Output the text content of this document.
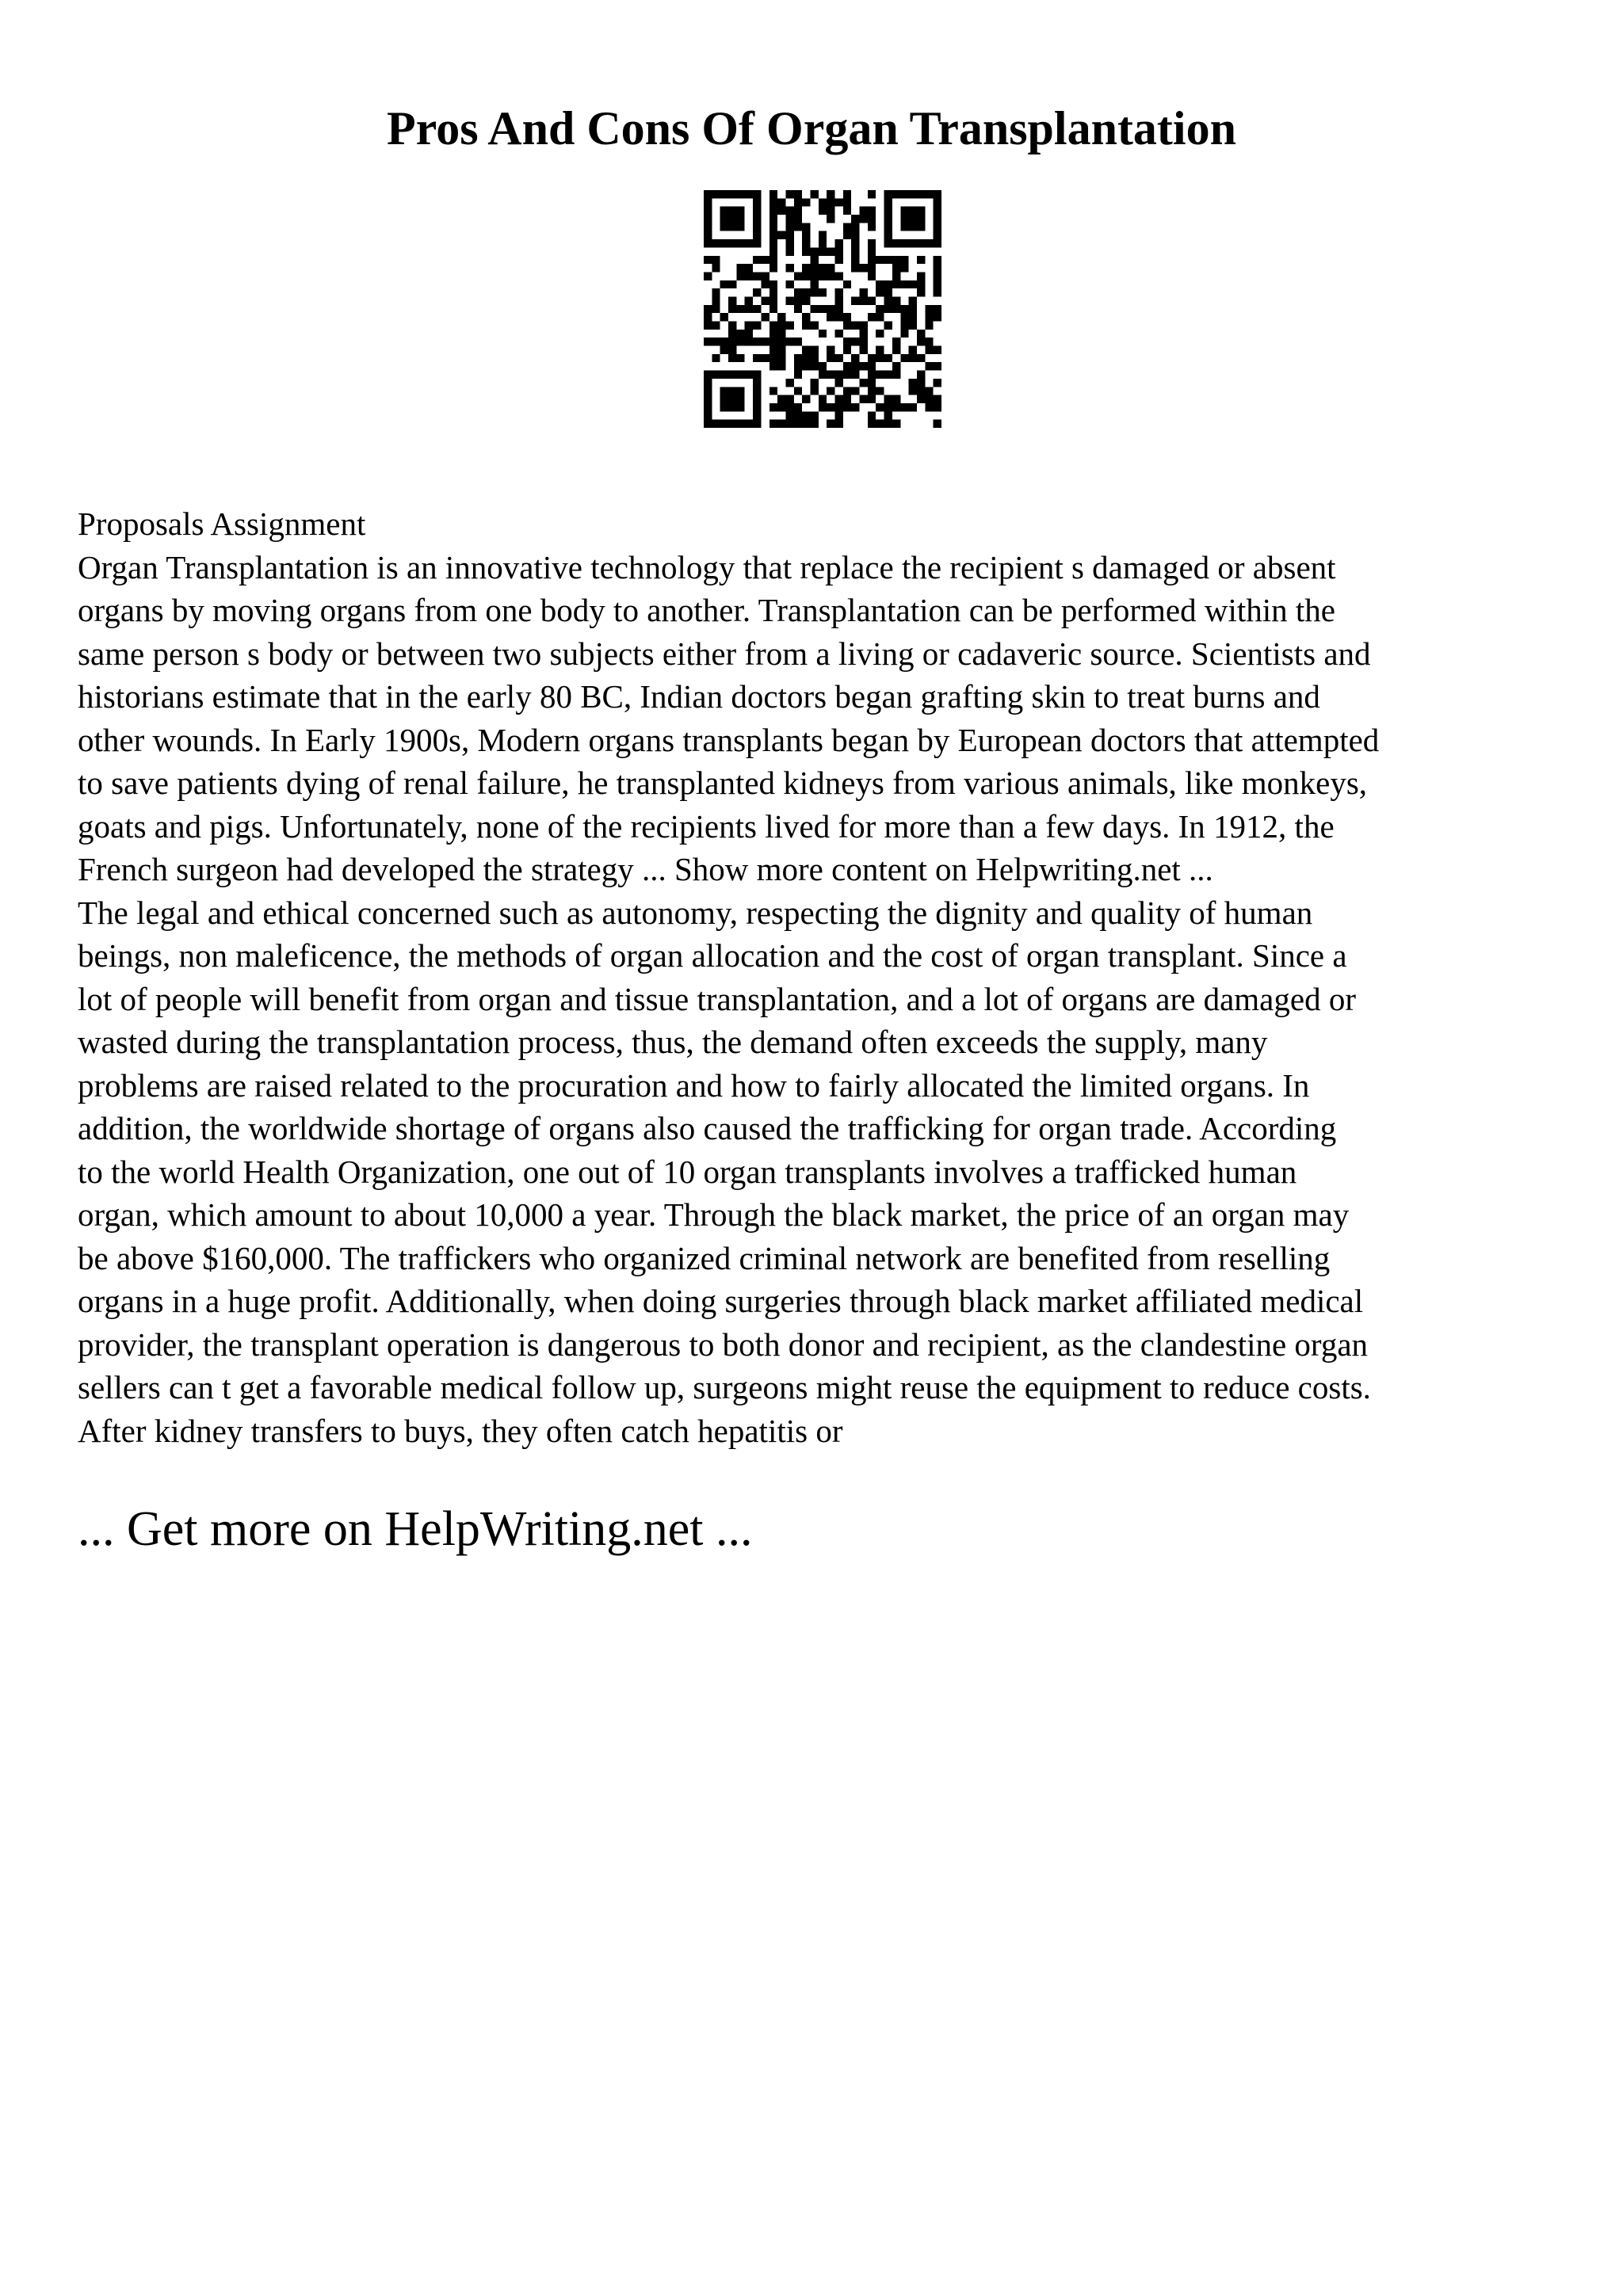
Pros And Cons Of Organ Transplantation
Proposals Assignment
Organ Transplantation is an innovative technology that replace the recipient s damaged or absent
organs by moving organs from one body to another. Transplantation can be performed within the
same person s body or between two subjects either from a living or cadaveric source. Scientists and
historians estimate that in the early 80 BC, Indian doctors began grafting skin to treat burns and
other wounds. In Early 1900s, Modern organs transplants began by European doctors that attempted
to save patients dying of renal failure, he transplanted kidneys from various animals, like monkeys,
goats and pigs. Unfortunately, none of the recipients lived for more than a few days. In 1912, the
French surgeon had developed the strategy ... Show more content on Helpwriting.net ...
The legal and ethical concerned such as autonomy, respecting the dignity and quality of human
beings, non maleficence, the methods of organ allocation and the cost of organ transplant. Since a
lot of people will benefit from organ and tissue transplantation, and a lot of organs are damaged or
wasted during the transplantation process, thus, the demand often exceeds the supply, many
problems are raised related to the procuration and how to fairly allocated the limited organs. In
addition, the worldwide shortage of organs also caused the trafficking for organ trade. According
to the world Health Organization, one out of 10 organ transplants involves a trafficked human
organ, which amount to about 10,000 a year. Through the black market, the price of an organ may
be above $160,000. The traffickers who organized criminal network are benefited from reselling
organs in a huge profit. Additionally, when doing surgeries through black market affiliated medical
provider, the transplant operation is dangerous to both donor and recipient, as the clandestine organ
sellers can t get a favorable medical follow up, surgeons might reuse the equipment to reduce costs.
After kidney transfers to buys, they often catch hepatitis or
... Get more on HelpWriting.net ...
